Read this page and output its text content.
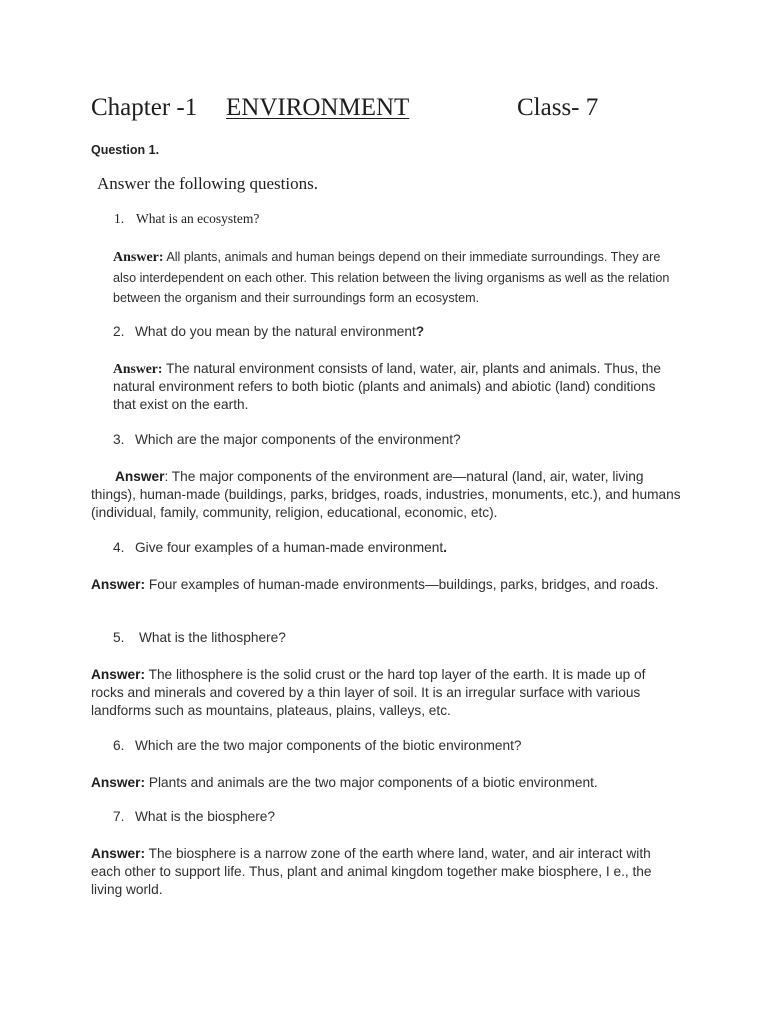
Chapter -1 ENVIRONMENT	Class- 7
Question 1.
Answer the following questions.
1. What is an ecosystem?
Answer: All plants, animals and human beings depend on their immediate surroundings. They are also interdependent on each other. This relation between the living organisms as well as the relation between the organism and their surroundings form an ecosystem.
2. What do you mean by the natural environment?
Answer: The natural environment consists of land, water, air, plants and animals. Thus, the natural environment refers to both biotic (plants and animals) and abiotic (land) conditions that exist on the earth.
3. Which are the major components of the environment?
Answer: The major components of the environment are—natural (land, air, water, living things), human-made (buildings, parks, bridges, roads, industries, monuments, etc.), and humans (individual, family, community, religion, educational, economic, etc).
4. Give four examples of a human-made environment.
Answer: Four examples of human-made environments—buildings, parks, bridges, and roads.
5. What is the lithosphere?
Answer: The lithosphere is the solid crust or the hard top layer of the earth. It is made up of rocks and minerals and covered by a thin layer of soil. It is an irregular surface with various landforms such as mountains, plateaus, plains, valleys, etc.
6. Which are the two major components of the biotic environment?
Answer: Plants and animals are the two major components of a biotic environment.
7. What is the biosphere?
Answer: The biosphere is a narrow zone of the earth where land, water, and air interact with each other to support life. Thus, plant and animal kingdom together make biosphere, I e., the living world.
